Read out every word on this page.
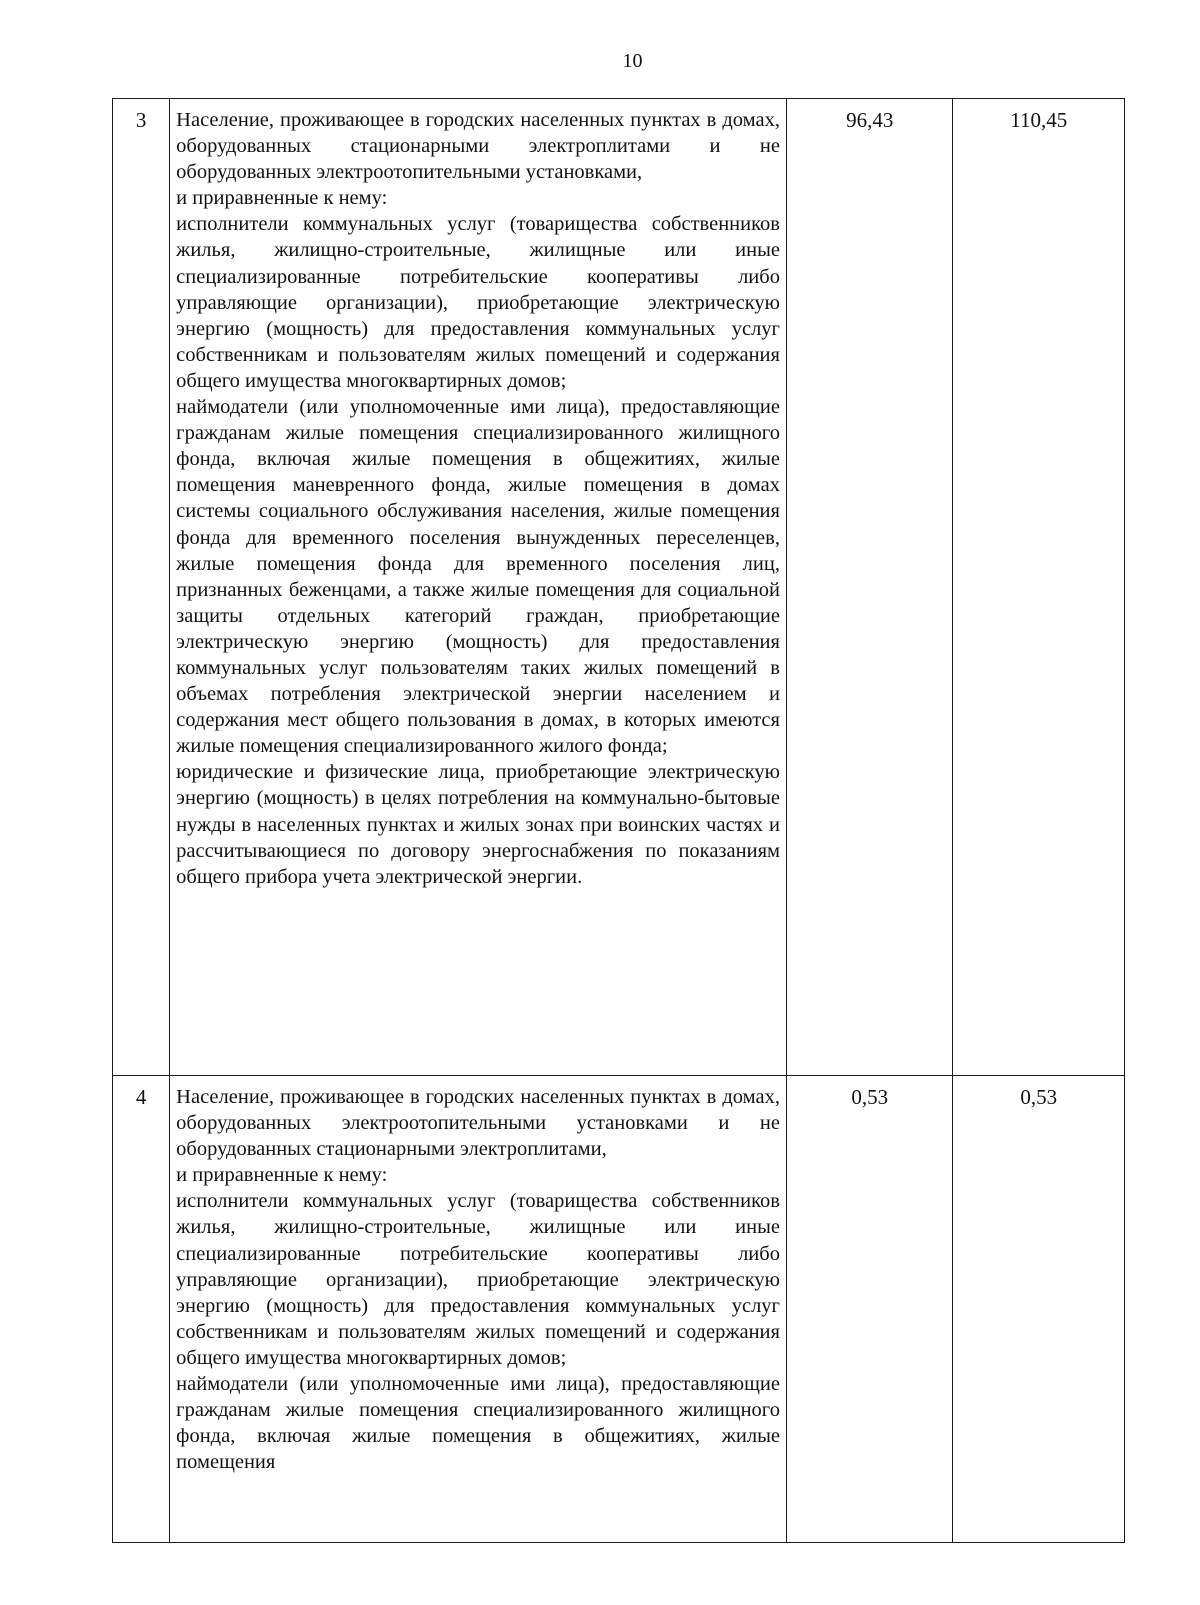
10
3	Население, проживающее в городских населенных пунктах в домах, оборудованных стационарными электроплитами и не оборудованных электроотопительными установками,

и приравненные к нему:

исполнители коммунальных услуг (товарищества собственников жилья, жилищно-строительные, жилищные или иные специализированные потребительские кооперативы либо управляющие организации), приобретающие электрическую энергию (мощность) для предоставления коммунальных услуг собственникам и пользователям жилых помещений и содержания общего имущества многоквартирных домов;

наймодатели (или уполномоченные ими лица), предоставляющие гражданам жилые помещения специализированного жилищного фонда, включая жилые помещения в общежитиях, жилые помещения маневренного фонда, жилые помещения в домах системы социального обслуживания населения, жилые помещения фонда для временного поселения вынужденных переселенцев, жилые помещения фонда для временного поселения лиц, признанных беженцами, а также жилые помещения для социальной защиты отдельных категорий граждан, приобретающие электрическую энергию (мощность) для предоставления коммунальных услуг пользователям таких жилых помещений в объемах потребления электрической энергии населением и содержания мест общего пользования в домах, в которых имеются жилые помещения специализированного жилого фонда;

юридические и физические лица, приобретающие электрическую энергию (мощность) в целях потребления на коммунально-бытовые нужды в населенных пунктах и жилых зонах при воинских частях и рассчитывающиеся по договору энергоснабжения по показаниям общего прибора учета электрической энергии.	96,43	110,45
4	Население, проживающее в городских населенных пунктах в домах, оборудованных электроотопительными установками и не оборудованных стационарными электроплитами,

и приравненные к нему:

исполнители коммунальных услуг (товарищества собственников жилья, жилищно-строительные, жилищные или иные специализированные потребительские кооперативы либо управляющие организации), приобретающие электрическую энергию (мощность) для предоставления коммунальных услуг собственникам и пользователям жилых помещений и содержания общего имущества многоквартирных домов;

наймодатели (или уполномоченные ими лица), предоставляющие гражданам жилые помещения специализированного жилищного фонда, включая жилые помещения в общежитиях, жилые помещения	0,53	0,53
